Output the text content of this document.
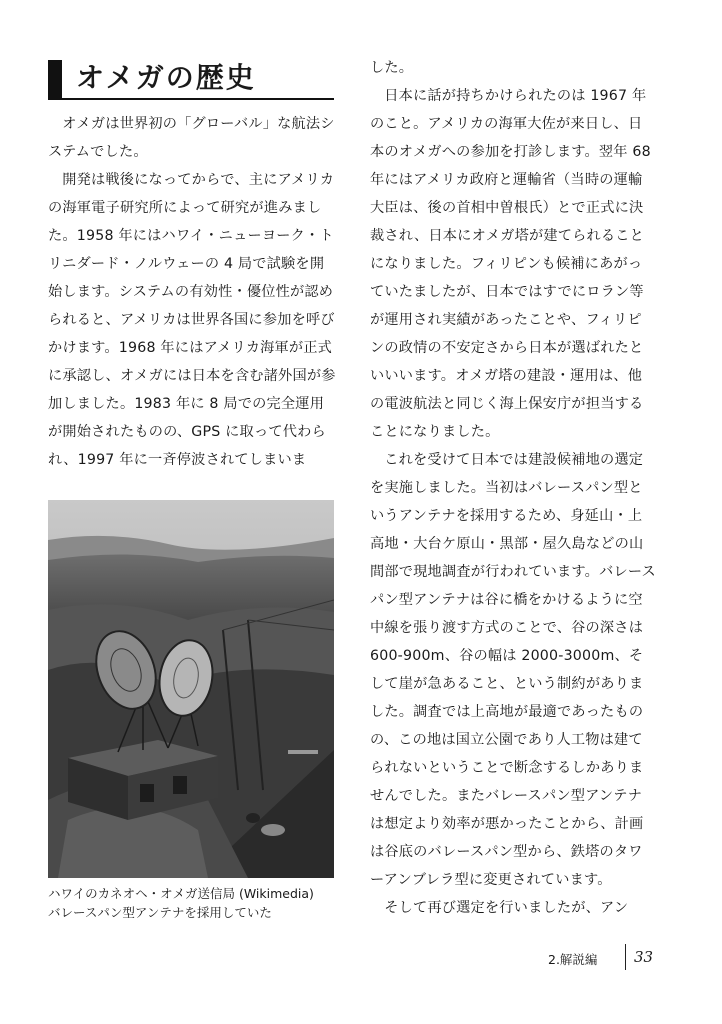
オメガの歴史

オメガは世界初の「グローバル」な航法システムでした。

開発は戦後になってからで、主にアメリカの海軍電子研究所によって研究が進みました。1958 年にはハワイ・ニューヨーク・トリニダード・ノルウェーの 4 局で試験を開始します。システムの有効性・優位性が認められると、アメリカは世界各国に参加を呼びかけます。1968 年にはアメリカ海軍が正式に承認し、オメガには日本を含む諸外国が参加しました。1983 年に 8 局での完全運用が開始されたものの、GPS に取って代わられ、1997 年に一斉停波されてしまいま

ハワイのカネオヘ・オメガ送信局 (Wikimedia)
バレースパン型アンテナを採用していた

した。

日本に話が持ちかけられたのは 1967 年のこと。アメリカの海軍大佐が来日し、日本のオメガへの参加を打診します。翌年 68 年にはアメリカ政府と運輸省（当時の運輸大臣は、後の首相中曽根氏）とで正式に決裁され、日本にオメガ塔が建てられることになりました。フィリピンも候補にあがっていたましたが、日本ではすでにロラン等が運用され実績があったことや、フィリピンの政情の不安定さから日本が選ばれたといいいます。オメガ塔の建設・運用は、他の電波航法と同じく海上保安庁が担当することになりました。

これを受けて日本では建設候補地の選定を実施しました。当初はバレースパン型というアンテナを採用するため、身延山・上高地・大台ケ原山・黒部・屋久島などの山間部で現地調査が行われています。バレースパン型アンテナは谷に橋をかけるように空中線を張り渡す方式のことで、谷の深さは 600-900m、谷の幅は 2000-3000m、そして崖が急あること、という制約がありました。調査では上高地が最適であったものの、この地は国立公園であり人工物は建てられないということで断念するしかありませんでした。またバレースパン型アンテナは想定より効率が悪かったことから、計画は谷底のバレースパン型から、鉄塔のタワーアンブレラ型に変更されています。

そして再び選定を行いましたが、アン

2.解説編 33
